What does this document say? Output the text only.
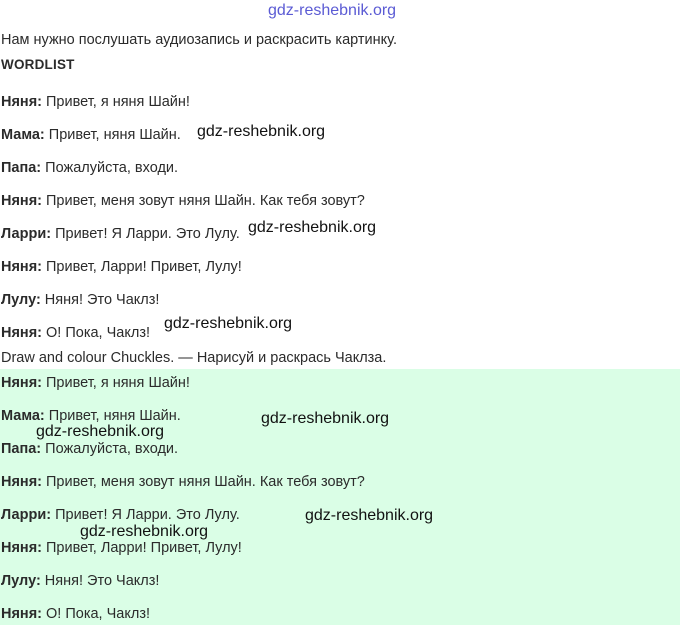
gdz-reshebnik.org
Нам нужно послушать аудиозапись и раскрасить картинку.
WORDLIST
Няня: Привет, я няня Шайн!
Мама: Привет, няня Шайн.
Папа: Пожалуйста, входи.
Няня: Привет, меня зовут няня Шайн. Как тебя зовут?
Ларри: Привет! Я Ларри. Это Лулу.
Няня: Привет, Ларри! Привет, Лулу!
Лулу: Няня! Это Чаклз!
Няня: О! Пока, Чаклз!
Draw and colour Chuckles. — Нарисуй и раскрась Чаклза.
Няня: Привет, я няня Шайн!
Мама: Привет, няня Шайн.
Папа: Пожалуйста, входи.
Няня: Привет, меня зовут няня Шайн. Как тебя зовут?
Ларри: Привет! Я Ларри. Это Лулу.
Няня: Привет, Ларри! Привет, Лулу!
Лулу: Няня! Это Чаклз!
Няня: О! Пока, Чаклз!
gdz-reshebnik.org
gdz-reshebnik.org
gdz-reshebnik.org
gdz-reshebnik.org
gdz-reshebnik.org
gdz-reshebnik.org
gdz-reshebnik.org
